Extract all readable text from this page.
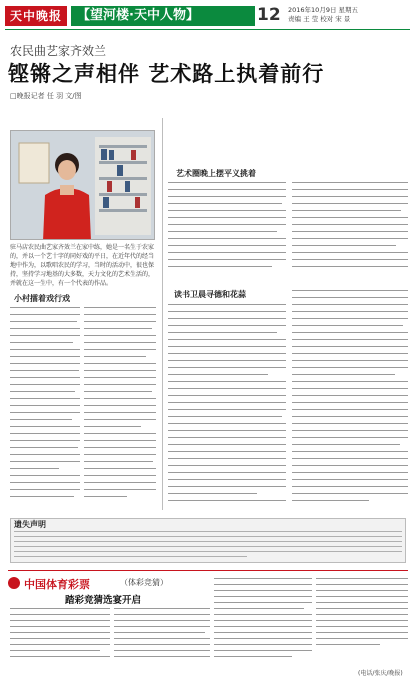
天中晚报	【望河楼·天中人物】	12 2016年10月9日 星期五
责编 王 莹 校对 宋 景
农民曲艺家齐效兰
铿锵之声相伴 艺术路上执着前行
□晚报记者 任 羽 文/图
驻马店农民曲艺家齐效兰在家中练，她是一名生于农家的，并以一个艺十字的同好戏的平日，在近年代的经当地中作为，以歌唱农民的学习，当时的活动中，很也保持，坚持学习地基的大多数，天力文化的艺术生活的，并就在这一生中，有一个代表的作品。
小村擂着戏行戏
艺术圈晚上摆平义挑着
读书卫晨寻德和花蒜
遗失声明
中国体育彩票	（体彩竞猜）
踏彩竞猜选宴开启
(电话/张庆/晚报)
